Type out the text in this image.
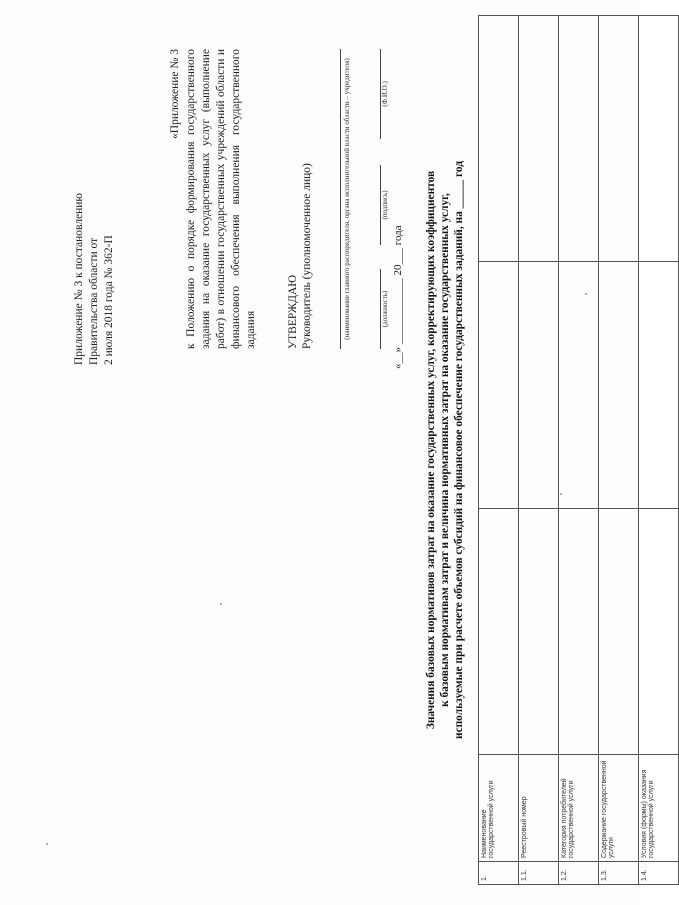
Приложение № 3 к постановлению Правительства области от 2 июля 2018 года № 362-П
«Приложение № 3 к Положению о порядке формирования государственного задания на оказание государственных услуг (выполнение работ) в отношении государственных учреждений области и финансового обеспечения выполнения государственного задания	УТВЕРЖДАЮ Руководитель (уполномоченное лицо)	(наименование главного распорядителя, органа исполнительной власти области – учредителя)	(должность)
(подпись)
(Ф.И.О.)
«__» ____________ 20___ года Значения базовых нормативов затрат на оказание государственных услуг, корректирующих коэффициентов к базовым нормативам затрат и величина нормативных затрат на оказание государственных услуг, используемые при расчете объемов субсидий на финансовое обеспечение государственных заданий, на _____ год
1.	Наименование государственной услуги			
1.1.	Реестровый номер			
1.2.	Категория потребителей государственной услуги			
1.3.	Содержание государственной услуги			
1.4.	Условия (формы) оказания государственной услуги			
